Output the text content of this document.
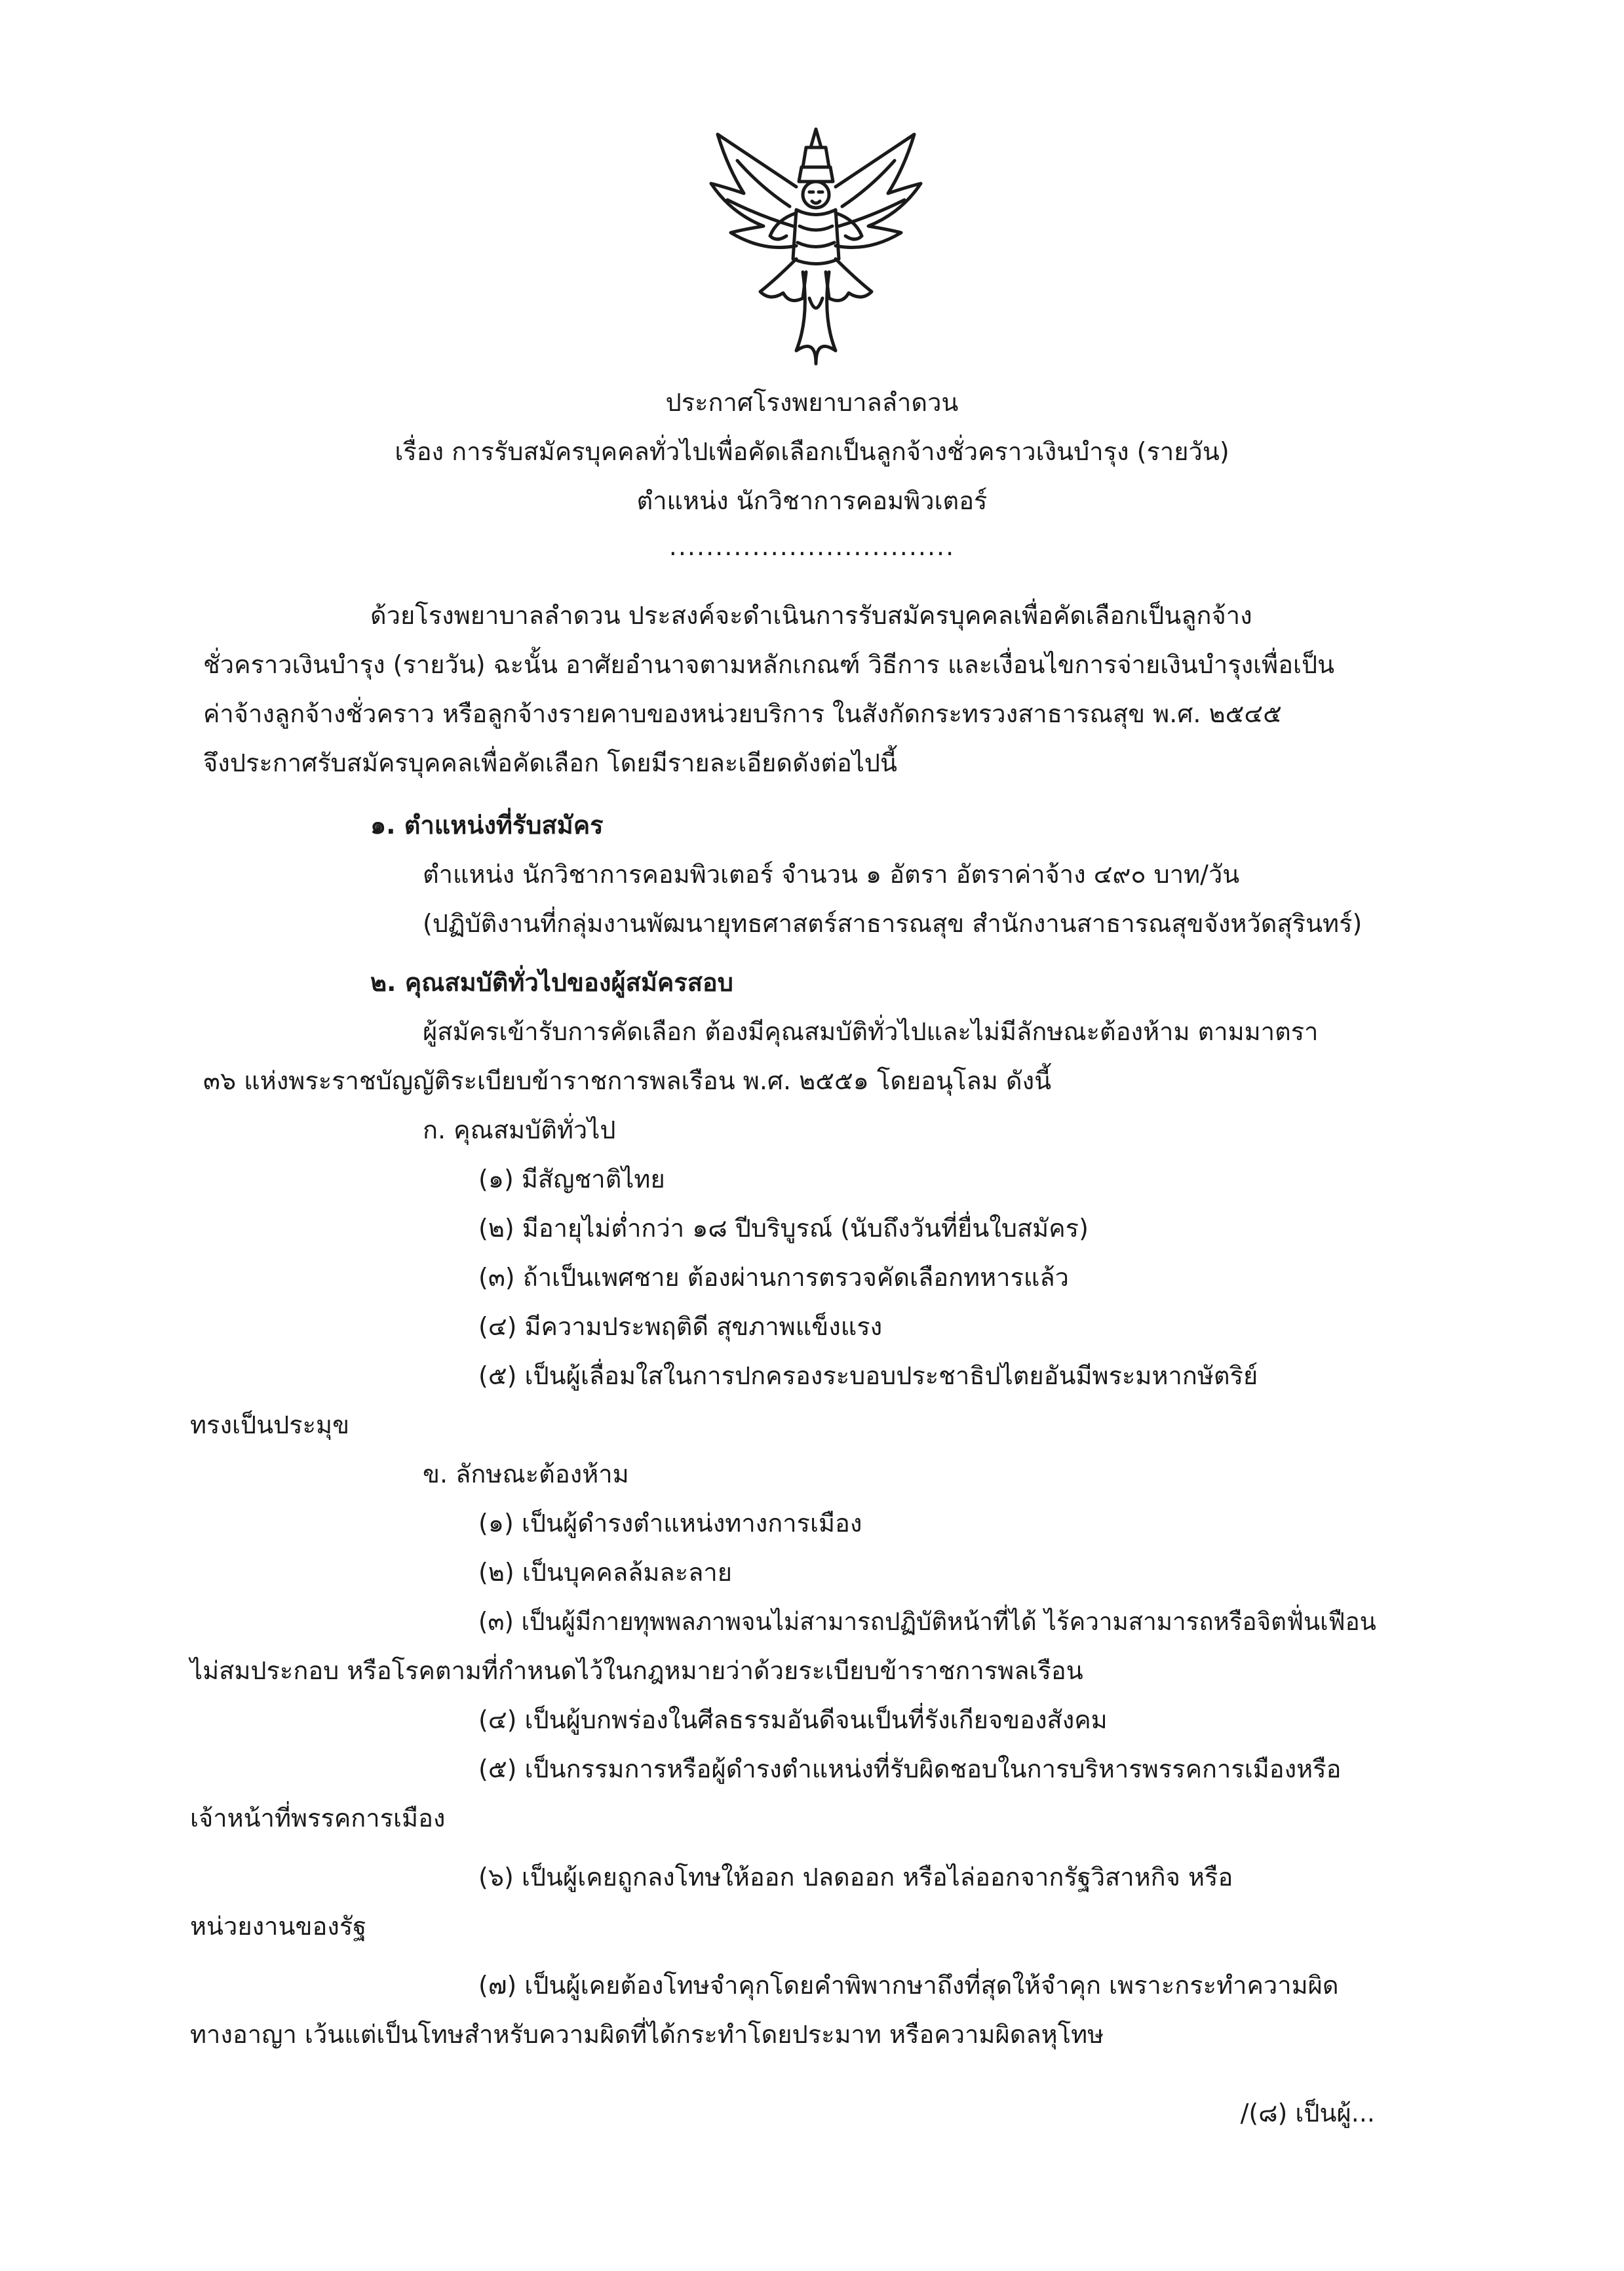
ประกาศโรงพยาบาลลำดวน
เรื่อง การรับสมัครบุคคลทั่วไปเพื่อคัดเลือกเป็นลูกจ้างชั่วคราวเงินบำรุง (รายวัน)
ตำแหน่ง นักวิชาการคอมพิวเตอร์
...............................
ด้วยโรงพยาบาลลำดวน ประสงค์จะดำเนินการรับสมัครบุคคลเพื่อคัดเลือกเป็นลูกจ้าง
ชั่วคราวเงินบำรุง (รายวัน) ฉะนั้น อาศัยอำนาจตามหลักเกณฑ์ วิธีการ และเงื่อนไขการจ่ายเงินบำรุงเพื่อเป็น
ค่าจ้างลูกจ้างชั่วคราว หรือลูกจ้างรายคาบของหน่วยบริการ ในสังกัดกระทรวงสาธารณสุข พ.ศ. ๒๕๔๕
จึงประกาศรับสมัครบุคคลเพื่อคัดเลือก โดยมีรายละเอียดดังต่อไปนี้
๑. ตำแหน่งที่รับสมัคร
ตำแหน่ง นักวิชาการคอมพิวเตอร์ จำนวน ๑ อัตรา อัตราค่าจ้าง ๔๙๐ บาท/วัน
(ปฏิบัติงานที่กลุ่มงานพัฒนายุทธศาสตร์สาธารณสุข สำนักงานสาธารณสุขจังหวัดสุรินทร์)
๒. คุณสมบัติทั่วไปของผู้สมัครสอบ
ผู้สมัครเข้ารับการคัดเลือก ต้องมีคุณสมบัติทั่วไปและไม่มีลักษณะต้องห้าม ตามมาตรา
๓๖ แห่งพระราชบัญญัติระเบียบข้าราชการพลเรือน พ.ศ. ๒๕๕๑ โดยอนุโลม ดังนี้
ก. คุณสมบัติทั่วไป
(๑) มีสัญชาติไทย
(๒) มีอายุไม่ต่ำกว่า ๑๘ ปีบริบูรณ์ (นับถึงวันที่ยื่นใบสมัคร)
(๓) ถ้าเป็นเพศชาย ต้องผ่านการตรวจคัดเลือกทหารแล้ว
(๔) มีความประพฤติดี สุขภาพแข็งแรง
(๕) เป็นผู้เลื่อมใสในการปกครองระบอบประชาธิปไตยอันมีพระมหากษัตริย์
ทรงเป็นประมุข
ข. ลักษณะต้องห้าม
(๑) เป็นผู้ดำรงตำแหน่งทางการเมือง
(๒) เป็นบุคคลล้มละลาย
(๓) เป็นผู้มีกายทุพพลภาพจนไม่สามารถปฏิบัติหน้าที่ได้ ไร้ความสามารถหรือจิตฟั่นเฟือน
ไม่สมประกอบ หรือโรคตามที่กำหนดไว้ในกฎหมายว่าด้วยระเบียบข้าราชการพลเรือน
(๔) เป็นผู้บกพร่องในศีลธรรมอันดีจนเป็นที่รังเกียจของสังคม
(๕) เป็นกรรมการหรือผู้ดำรงตำแหน่งที่รับผิดชอบในการบริหารพรรคการเมืองหรือ
เจ้าหน้าที่พรรคการเมือง
(๖) เป็นผู้เคยถูกลงโทษให้ออก ปลดออก หรือไล่ออกจากรัฐวิสาหกิจ หรือ
หน่วยงานของรัฐ
(๗) เป็นผู้เคยต้องโทษจำคุกโดยคำพิพากษาถึงที่สุดให้จำคุก เพราะกระทำความผิด
ทางอาญา เว้นแต่เป็นโทษสำหรับความผิดที่ได้กระทำโดยประมาท หรือความผิดลหุโทษ
/(๘) เป็นผู้...
